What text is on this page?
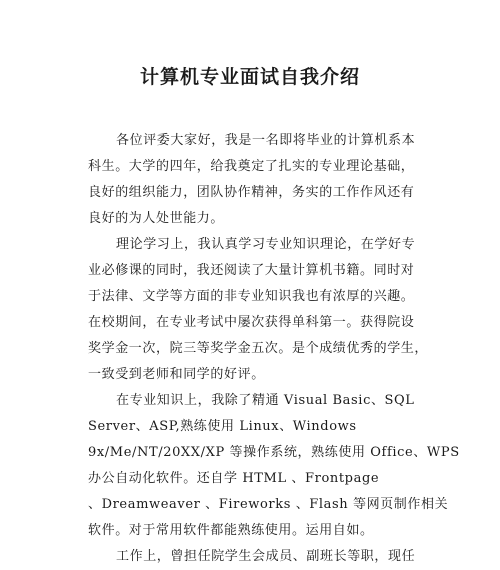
计算机专业面试自我介绍
各位评委大家好，我是一名即将毕业的计算机系本
科生。大学的四年，给我奠定了扎实的专业理论基础，
良好的组织能力，团队协作精神，务实的工作作风还有
良好的为人处世能力。
理论学习上，我认真学习专业知识理论，在学好专
业必修课的同时，我还阅读了大量计算机书籍。同时对
于法律、文学等方面的非专业知识我也有浓厚的兴趣。
在校期间，在专业考试中屡次获得单科第一。获得院设
奖学金一次，院三等奖学金五次。是个成绩优秀的学生，
一致受到老师和同学的好评。
在专业知识上，我除了精通 Visual Basic、SQL
Server、ASP,熟练使用 Linux、Windows
9x/Me/NT/20XX/XP 等操作系统，熟练使用 Office、WPS
办公自动化软件。还自学 HTML 、Frontpage
、Dreamweaver 、Fireworks 、Flash 等网页制作相关
软件。对于常用软件都能熟练使用。运用自如。
工作上，曾担任院学生会成员、副班长等职，现任
